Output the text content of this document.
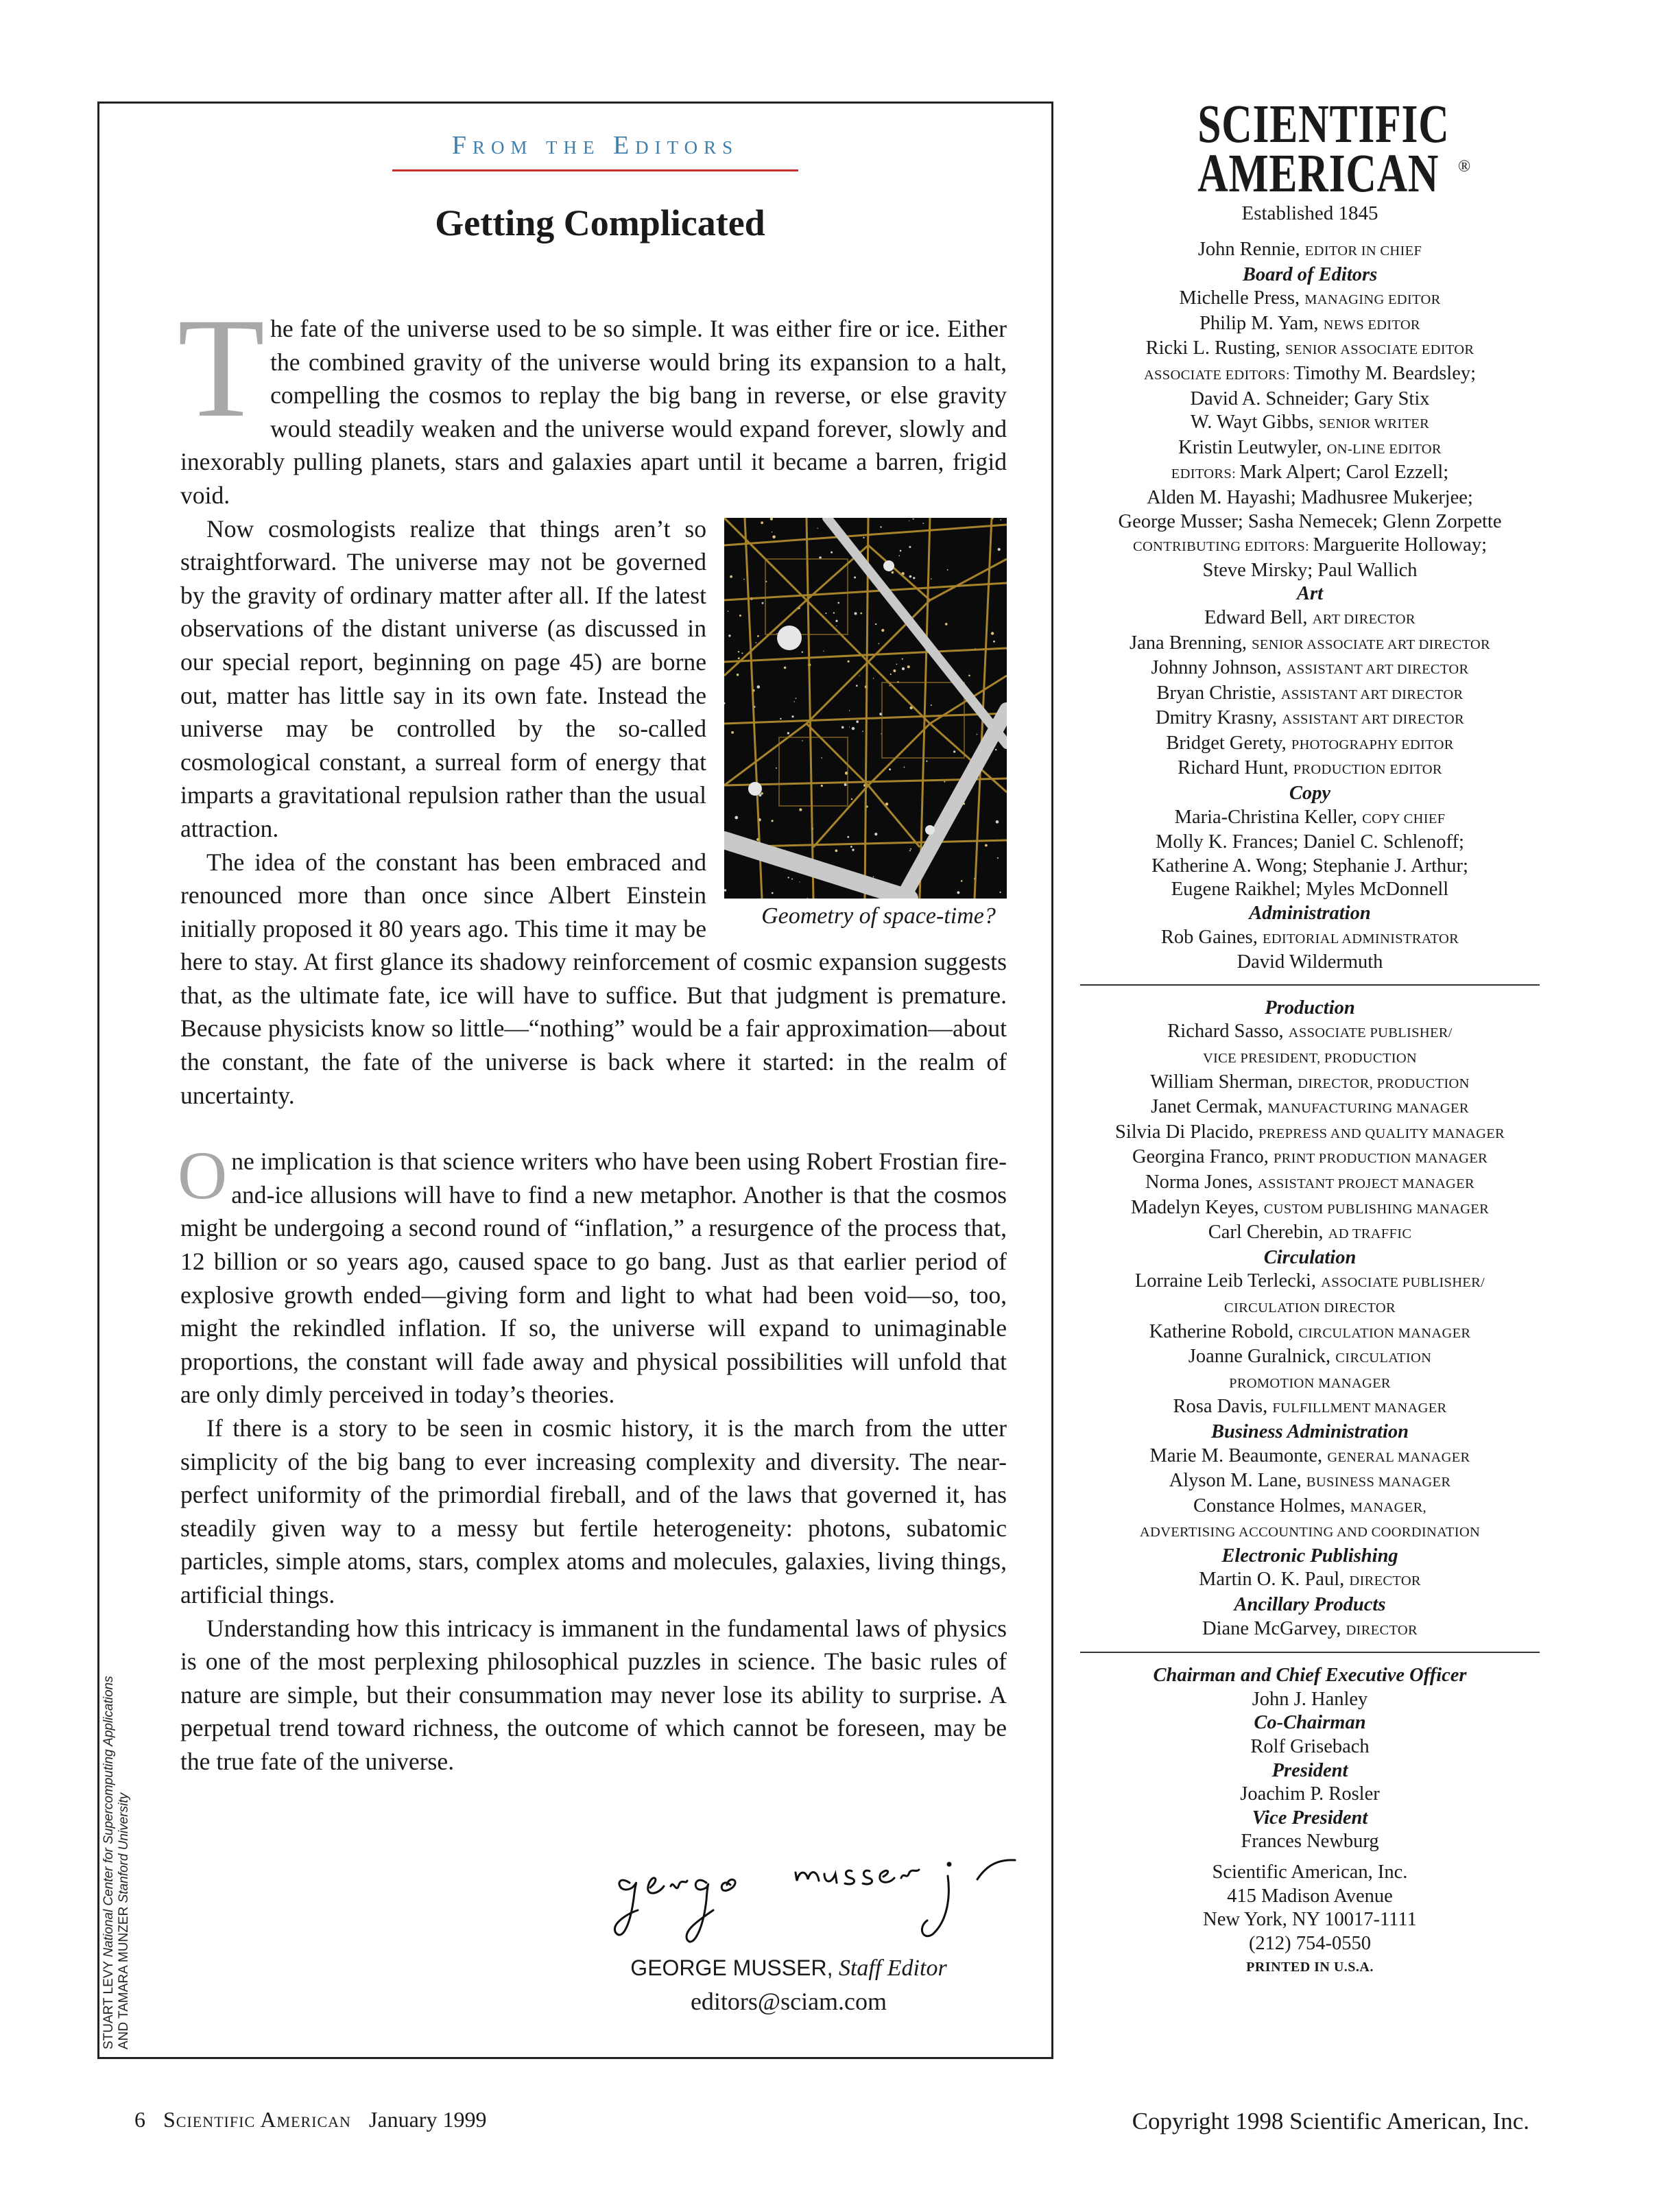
From the Editors
Getting Complicated

The fate of the universe used to be so simple. It was either fire or ice. Either the combined gravity of the universe would bring its expansion to a halt, compelling the cosmos to replay the big bang in reverse, or else gravity would steadily weaken and the universe would expand forever, slowly and inexorably pulling planets, stars and galaxies apart until it became a barren, frigid void.

Geometry of space-time?
Now cosmologists realize that things aren’t so straightforward. The universe may not be governed by the gravity of ordinary matter after all. If the latest observations of the distant universe (as discussed in our special report, beginning on page 45) are borne out, matter has little say in its own fate. Instead the universe may be controlled by the so-called cosmological constant, a surreal form of energy that imparts a gravitational repulsion rather than the usual attraction.

The idea of the constant has been embraced and renounced more than once since Albert Einstein initially proposed it 80 years ago. This time it may be here to stay. At first glance its shadowy reinforcement of cosmic expansion suggests that, as the ultimate fate, ice will have to suffice. But that judgment is premature. Because physicists know so little—“nothing” would be a fair approximation—about the constant, the fate of the universe is back where it started: in the realm of uncertainty.

One implication is that science writers who have been using Robert Frostian fire-and-ice allusions will have to find a new metaphor. Another is that the cosmos might be undergoing a second round of “inflation,” a resurgence of the process that, 12 billion or so years ago, caused space to go bang. Just as that earlier period of explosive growth ended—giving form and light to what had been void—so, too, might the rekindled inflation. If so, the universe will expand to unimaginable proportions, the constant will fade away and physical possibilities will unfold that are only dimly perceived in today’s theories.

If there is a story to be seen in cosmic history, it is the march from the utter simplicity of the big bang to ever increasing complexity and diversity. The near-perfect uniformity of the primordial fireball, and of the laws that governed it, has steadily given way to a messy but fertile heterogeneity: photons, subatomic particles, simple atoms, stars, complex atoms and molecules, galaxies, living things, artificial things.

Understanding how this intricacy is immanent in the fundamental laws of physics is one of the most perplexing philosophical puzzles in science. The basic rules of nature are simple, but their consummation may never lose its ability to surprise. A perpetual trend toward richness, the outcome of which cannot be foreseen, may be the true fate of the universe.

GEORGE MUSSER, Staff Editor
editors@sciam.com
STUART LEVY National Center for Supercomputing Applications
AND TAMARA MUNZER Stanford University
SCIENTIFIC
AMERICAN ®
Established 1845
John Rennie, EDITOR IN CHIEF
Board of Editors
Michelle Press, MANAGING EDITOR
Philip M. Yam, NEWS EDITOR
Ricki L. Rusting, SENIOR ASSOCIATE EDITOR
ASSOCIATE EDITORS: Timothy M. Beardsley;
David A. Schneider; Gary Stix
W. Wayt Gibbs, SENIOR WRITER
Kristin Leutwyler, ON-LINE EDITOR
EDITORS: Mark Alpert; Carol Ezzell;
Alden M. Hayashi; Madhusree Mukerjee;
George Musser; Sasha Nemecek; Glenn Zorpette
CONTRIBUTING EDITORS: Marguerite Holloway;
Steve Mirsky; Paul Wallich
Art
Edward Bell, ART DIRECTOR
Jana Brenning, SENIOR ASSOCIATE ART DIRECTOR
Johnny Johnson, ASSISTANT ART DIRECTOR
Bryan Christie, ASSISTANT ART DIRECTOR
Dmitry Krasny, ASSISTANT ART DIRECTOR
Bridget Gerety, PHOTOGRAPHY EDITOR
Richard Hunt, PRODUCTION EDITOR
Copy
Maria-Christina Keller, COPY CHIEF
Molly K. Frances; Daniel C. Schlenoff;
Katherine A. Wong; Stephanie J. Arthur;
Eugene Raikhel; Myles McDonnell
Administration
Rob Gaines, EDITORIAL ADMINISTRATOR
David Wildermuth
Production
Richard Sasso, ASSOCIATE PUBLISHER/
VICE PRESIDENT, PRODUCTION
William Sherman, DIRECTOR, PRODUCTION
Janet Cermak, MANUFACTURING MANAGER
Silvia Di Placido, PREPRESS AND QUALITY MANAGER
Georgina Franco, PRINT PRODUCTION MANAGER
Norma Jones, ASSISTANT PROJECT MANAGER
Madelyn Keyes, CUSTOM PUBLISHING MANAGER
Carl Cherebin, AD TRAFFIC
Circulation
Lorraine Leib Terlecki, ASSOCIATE PUBLISHER/
CIRCULATION DIRECTOR
Katherine Robold, CIRCULATION MANAGER
Joanne Guralnick, CIRCULATION
PROMOTION MANAGER
Rosa Davis, FULFILLMENT MANAGER
Business Administration
Marie M. Beaumonte, GENERAL MANAGER
Alyson M. Lane, BUSINESS MANAGER
Constance Holmes, MANAGER,
ADVERTISING ACCOUNTING AND COORDINATION
Electronic Publishing
Martin O. K. Paul, DIRECTOR
Ancillary Products
Diane McGarvey, DIRECTOR
Chairman and Chief Executive Officer
John J. Hanley
Co-Chairman
Rolf Grisebach
President
Joachim P. Rosler
Vice President
Frances Newburg
Scientific American, Inc.
415 Madison Avenue
New York, NY 10017-1111
(212) 754-0550
PRINTED IN U.S.A.
6 Scientific American January 1999	Copyright 1998 Scientific American, Inc.
